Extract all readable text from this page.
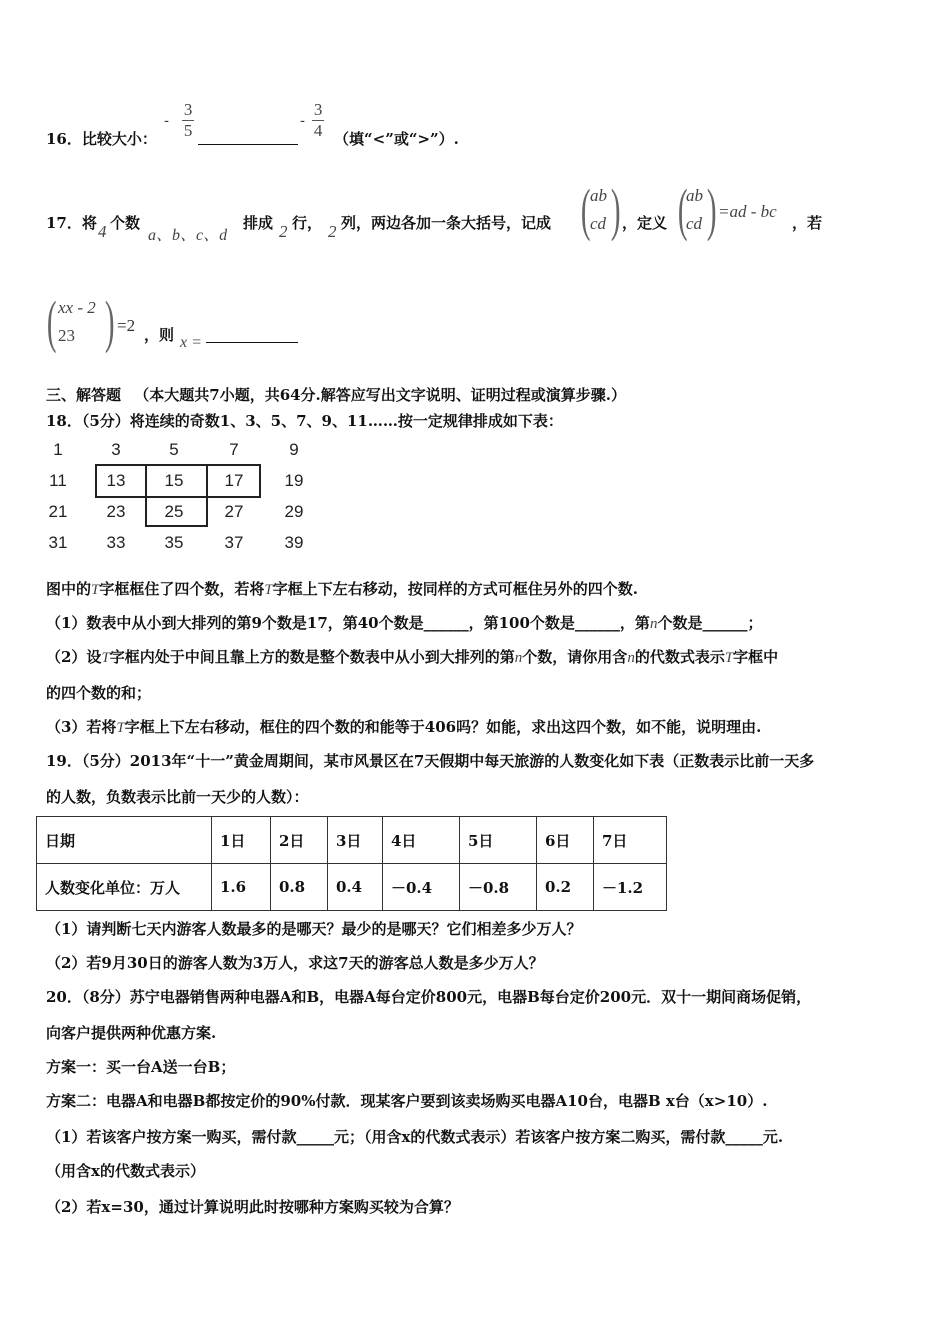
16．比较大小：
- $\frac{3}{5}$	- $\frac{3}{4}$ （填“<”或“>”）.
17．将 4 个数
a、b、c、d
排成 2 行， 2 列，两边各加一条大括号，记成 ( ab
cd ) ，定义 (
ab
cd ) =ad - bc
，若
( xx - 2
23 ) =2 ，则 x =
三、解答题 （本大题共7小题，共64分.解答应写出文字说明、证明过程或演算步骤.）
18．（5分）将连续的奇数1、3、5、7、9、11……按一定规律排成如下表：
1	3	5	7	9
11	13	15	17	19
21	23	25	27	29
31	33	35	37	39
图中的T字框框住了四个数，若将T字框上下左右移动，按同样的方式可框住另外的四个数.
（1）数表中从小到大排列的第9个数是17，第40个数是______，第100个数是______，第n个数是______；
（2）设T字框内处于中间且靠上方的数是整个数表中从小到大排列的第n个数，请你用含n的代数式表示T字框中
的四个数的和；
（3）若将T字框上下左右移动，框住的四个数的和能等于406吗？如能，求出这四个数，如不能，说明理由.
19．（5分）2013年“十一”黄金周期间，某市风景区在7天假期中每天旅游的人数变化如下表（正数表示比前一天多
的人数，负数表示比前一天少的人数）：
日期	1日	2日	3日	4日	5日	6日	7日
人数变化单位：万人	1.6	0.8	0.4	－0.4	－0.8	0.2	－1.2
（1）请判断七天内游客人数最多的是哪天？最少的是哪天？它们相差多少万人？
（2）若9月30日的游客人数为3万人，求这7天的游客总人数是多少万人？
20．（8分）苏宁电器销售两种电器A和B，电器A每台定价800元，电器B每台定价200元．双十一期间商场促销，
向客户提供两种优惠方案.
方案一：买一台A送一台B；
方案二：电器A和电器B都按定价的90%付款．现某客户要到该卖场购买电器A10台，电器B x台（x>10）.
（1）若该客户按方案一购买，需付款_____元；（用含x的代数式表示）若该客户按方案二购买，需付款_____元.
（用含x的代数式表示）
（2）若x=30，通过计算说明此时按哪种方案购买较为合算？
